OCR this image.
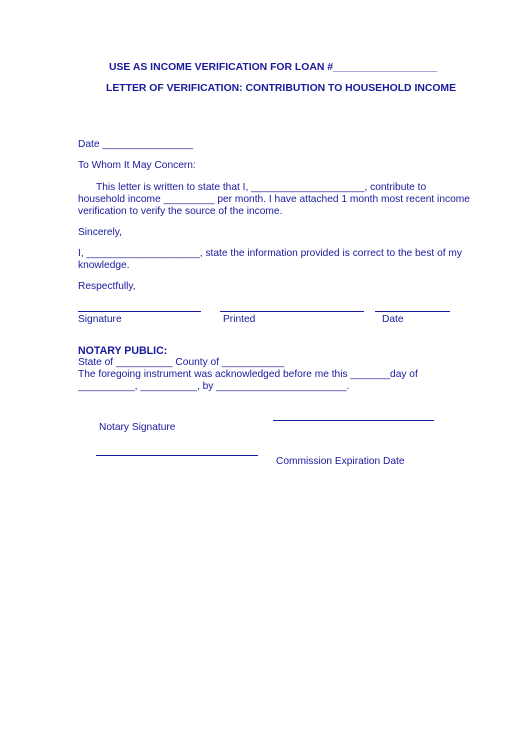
USE AS INCOME VERIFICATION FOR LOAN #__________________
LETTER OF VERIFICATION: CONTRIBUTION TO HOUSEHOLD INCOME
Date ________________
To Whom It May Concern:
This letter is written to state that I, ____________________, contribute to
household income _________ per month. I have attached 1 month most recent income
verification to verify the source of the income.
Sincerely,
I, ____________________, state the information provided is correct to the best of my
knowledge.
Respectfully,
Signature	Printed	Date
NOTARY PUBLIC:
State of __________ County of ___________
The foregoing instrument was acknowledged before me this _______day of
__________, __________, by _______________________.
Notary Signature
Commission Expiration Date
